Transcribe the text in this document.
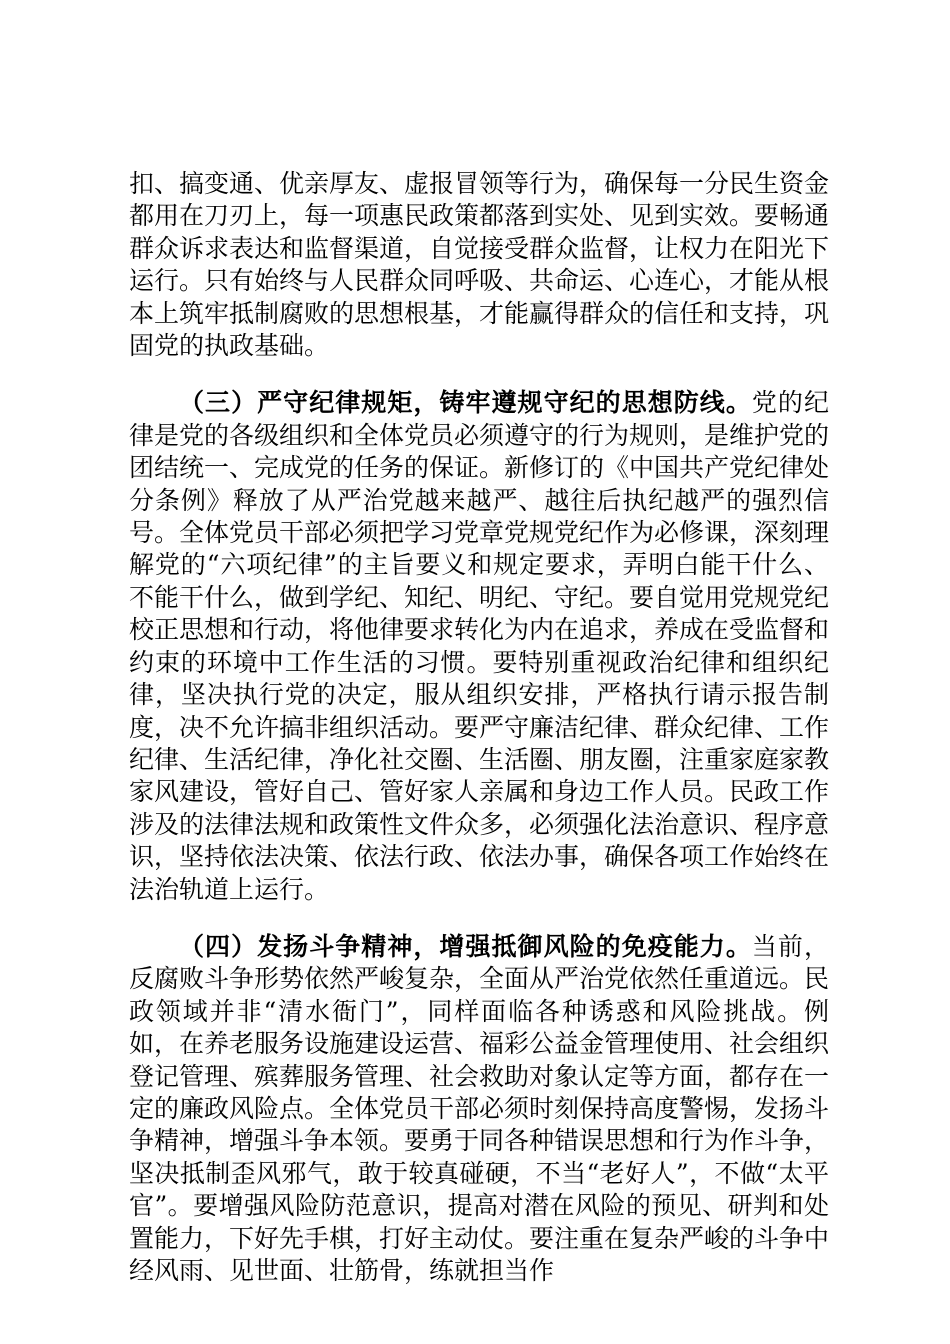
扣、搞变通、优亲厚友、虚报冒领等行为，确保每一分民生资金都用在刀刃上，每一项惠民政策都落到实处、见到实效。要畅通群众诉求表达和监督渠道，自觉接受群众监督，让权力在阳光下运行。只有始终与人民群众同呼吸、共命运、心连心，才能从根本上筑牢抵制腐败的思想根基，才能赢得群众的信任和支持，巩固党的执政基础。

（三）严守纪律规矩，铸牢遵规守纪的思想防线。党的纪律是党的各级组织和全体党员必须遵守的行为规则，是维护党的团结统一、完成党的任务的保证。新修订的《中国共产党纪律处分条例》释放了从严治党越来越严、越往后执纪越严的强烈信号。全体党员干部必须把学习党章党规党纪作为必修课，深刻理解党的“六项纪律”的主旨要义和规定要求，弄明白能干什么、不能干什么，做到学纪、知纪、明纪、守纪。要自觉用党规党纪校正思想和行动，将他律要求转化为内在追求，养成在受监督和约束的环境中工作生活的习惯。要特别重视政治纪律和组织纪律，坚决执行党的决定，服从组织安排，严格执行请示报告制度，决不允许搞非组织活动。要严守廉洁纪律、群众纪律、工作纪律、生活纪律，净化社交圈、生活圈、朋友圈，注重家庭家教家风建设，管好自己、管好家人亲属和身边工作人员。民政工作涉及的法律法规和政策性文件众多，必须强化法治意识、程序意识，坚持依法决策、依法行政、依法办事，确保各项工作始终在法治轨道上运行。

（四）发扬斗争精神，增强抵御风险的免疫能力。当前，反腐败斗争形势依然严峻复杂，全面从严治党依然任重道远。民政领域并非“清水衙门”，同样面临各种诱惑和风险挑战。例如，在养老服务设施建设运营、福彩公益金管理使用、社会组织登记管理、殡葬服务管理、社会救助对象认定等方面，都存在一定的廉政风险点。全体党员干部必须时刻保持高度警惕，发扬斗争精神，增强斗争本领。要勇于同各种错误思想和行为作斗争，坚决抵制歪风邪气，敢于较真碰硬，不当“老好人”，不做“太平官”。要增强风险防范意识，提高对潜在风险的预见、研判和处置能力，下好先手棋，打好主动仗。要注重在复杂严峻的斗争中经风雨、见世面、壮筋骨，练就担当作
